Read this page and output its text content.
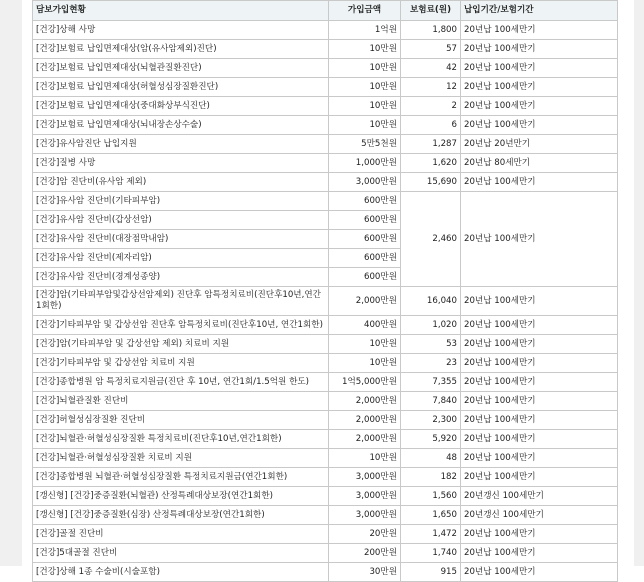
담보가입현황	가입금액	보험료(원)	납입기간/보험기간
[건강]상해 사망	1억원	1,800	20년납 100세만기
[건강]보험료 납입면제대상(암(유사암제외)진단)	10만원	57	20년납 100세만기
[건강]보험료 납입면제대상(뇌혈관질환진단)	10만원	42	20년납 100세만기
[건강]보험료 납입면제대상(허혈성심장질환진단)	10만원	12	20년납 100세만기
[건강]보험료 납입면제대상(중대화상부식진단)	10만원	2	20년납 100세만기
[건강]보험료 납입면제대상(뇌내장손상수술)	10만원	6	20년납 100세만기
[건강]유사암진단 납입지원	5만5천원	1,287	20년납 20년만기
[건강]질병 사망	1,000만원	1,620	20년납 80세만기
[건강]암 진단비(유사암 제외)	3,000만원	15,690	20년납 100세만기
[건강]유사암 진단비(기타피부암)	600만원	2,460	20년납 100세만기
[건강]유사암 진단비(갑상선암)	600만원		
[건강]유사암 진단비(대장점막내암)	600만원		
[건강]유사암 진단비(제자리암)	600만원		
[건강]유사암 진단비(경계성종양)	600만원		
[건강]암(기타피부암및갑상선암제외) 진단후 암특정치료비(진단후10년,연간1회한)	2,000만원	16,040	20년납 100세만기
[건강]기타피부암 및 갑상선암 진단후 암특정치료비(진단후10년, 연간1회한)	400만원	1,020	20년납 100세만기
[건강]암(기타피부암 및 갑상선암 제외) 치료비 지원	10만원	53	20년납 100세만기
[건강]기타피부암 및 갑상선암 치료비 지원	10만원	23	20년납 100세만기
[건강]종합병원 암 특정치료지원금(진단 후 10년, 연간1회/1.5억원 한도)	1억5,000만원	7,355	20년납 100세만기
[건강]뇌혈관질환 진단비	2,000만원	7,840	20년납 100세만기
[건강]허혈성심장질환 진단비	2,000만원	2,300	20년납 100세만기
[건강]뇌혈관·허혈성심장질환 특정치료비(진단후10년,연간1회한)	2,000만원	5,920	20년납 100세만기
[건강]뇌혈관·허혈성심장질환 치료비 지원	10만원	48	20년납 100세만기
[건강]종합병원 뇌혈관·허혈성심장질환 특정치료지원금(연간1회한)	3,000만원	182	20년납 100세만기
[갱신형] [건강]중증질환(뇌혈관) 산정특례대상보장(연간1회한)	3,000만원	1,560	20년갱신 100세만기
[갱신형] [건강]중증질환(심장) 산정특례대상보장(연간1회한)	3,000만원	1,650	20년갱신 100세만기
[건강]골절 진단비	20만원	1,472	20년납 100세만기
[건강]5대골절 진단비	200만원	1,740	20년납 100세만기
[건강]상해 1종 수술비(시술포함)	30만원	915	20년납 100세만기
